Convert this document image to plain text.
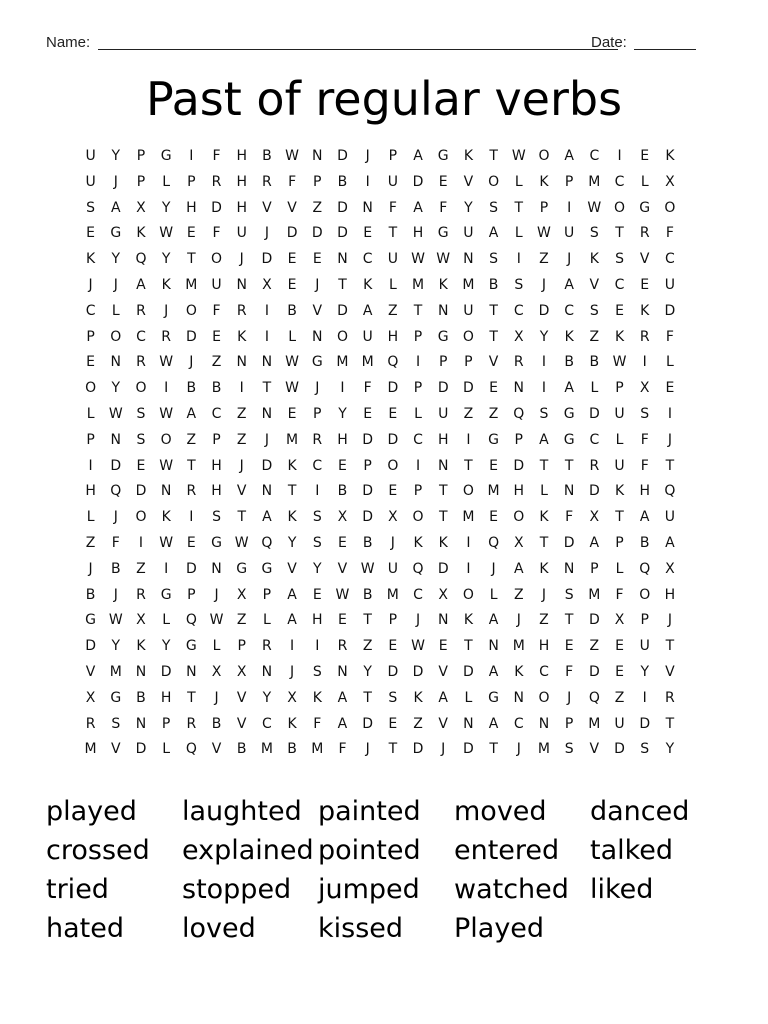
Name:	Date:
Past of regular verbs
U	Y	P	G	I	F	H	B W N	D	J	P	A	G	K	T W O	A	C	I	E	K
U	J	P	L	P	R	H	R	F	P	B	I	U	D	E	V	O	L	K	P	M	C	L	X
S	A	X	Y	H	D	H	V	V	Z	D	N	F	A	F	Y	S	T	P	I	W O	G	O
E	G	K W E	F	U	J	D	D	D	E	T	H	G	U	A	L	W U	S	T	R	F
K	Y	Q	Y	T	O	J	D	E	E	N	C	U W W N	S	I	Z	J	K	S	V	C
J	J	A	K	M	U	N	X	E	J	T	K	L	M	K	M	B	S	J	A	V	C	E	U
C	L	R	J	O	F	R	I	B	V	D	A	Z	T	N	U	T	C	D	C	S	E	K	D
P	O	C	R	D	E	K	I	L	N	O	U	H	P	G	O	T	X	Y	K	Z	K	R	F
E	N	R W	J	Z	N	N W G M M Q	I	P	P	V	R	I	B	B W	I	L
O	Y	O	I	B	B	I	T W	J	I	F	D	P	D	D	E	N	I	A	L	P	X	E
L	W S W A	C	Z	N	E	P	Y	E	E	L	U	Z	Z	Q	S	G	D	U	S	I
P	N	S	O	Z	P	Z	J	M	R	H	D	D	C	H	I	G	P	A	G	C	L	F	J
I	D	E W T	H	J	D	K	C	E	P	O	I	N	T	E	D	T	T	R	U	F	T
H	Q	D	N	R	H	V	N	T	I	B	D	E	P	T	O M H	L	N	D	K	H	Q
L	J	O	K	I	S	T	A	K	S	X	D	X	O	T	M	E	O	K	F	X	T	A	U
Z	F	I	W E	G W Q	Y	S	E	B	J	K	K	I	Q	X	T	D	A	P	B	A
J	B	Z	I	D	N	G	G	V	Y	V W U	Q	D	I	J	A	K	N	P	L	Q	X
B	J	R	G	P	J	X	P	A	E W B	M	C	X	O	L	Z	J	S	M	F	O	H
G W X	L	Q W Z	L	A	H	E	T	P	J	N	K	A	J	Z	T	D	X	P	J
D	Y	K	Y	G	L	P	R	I	I	R	Z	E W E	T	N M H	E	Z	E	U	T
V	M N	D	N	X	X	N	J	S	N	Y	D	D	V	D	A	K	C	F	D	E	Y	V
X	G	B	H	T	J	V	Y	X	K	A	T	S	K	A	L	G	N	O	J	Q	Z	I	R
R	S	N	P	R	B	V	C	K	F	A	D	E	Z	V	N	A	C	N	P	M	U	D	T
M	V	D	L	Q	V	B	M	B	M	F	J	T	D	J	D	T	J	M	S	V	D	S	Y
played	laughted painted	moved	danced
crossed	explained pointed	entered	talked
tried	stopped jumped	watched liked
hated	loved	kissed	Played
